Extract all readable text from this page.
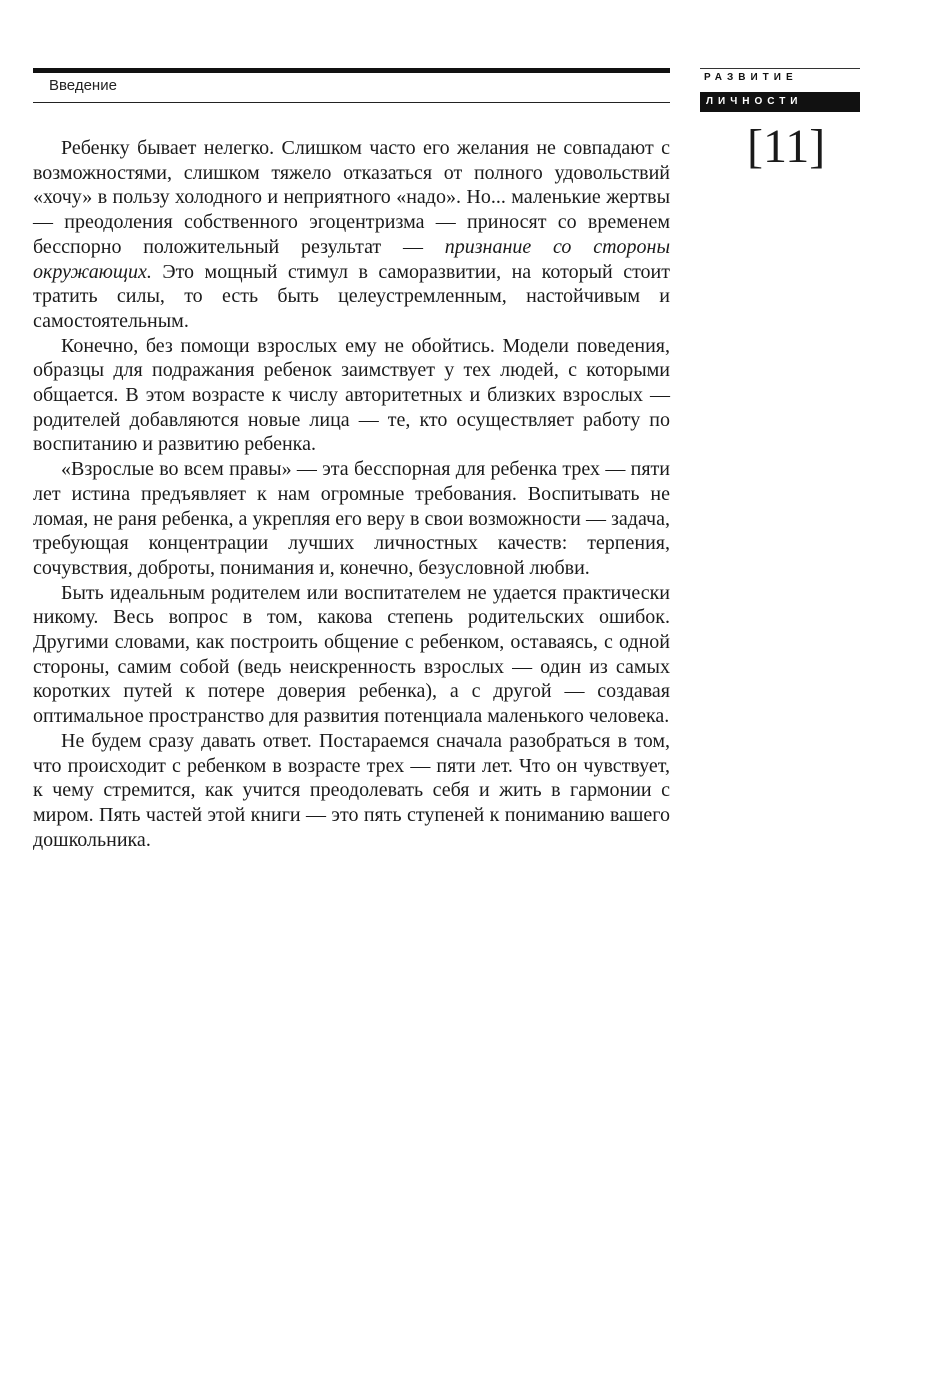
Введение	РАЗВИТИЕ
ЛИЧНОСТИ
[11]

Ребенку бывает нелегко. Слишком часто его желания не совпадают с возможностями, слишком тяжело отказаться от полного удовольствий «хочу» в пользу холодного и неприятного «надо». Но... маленькие жертвы — преодоления собственного эгоцентризма — приносят со временем бесспорно положительный результат — признание со стороны окружающих. Это мощный стимул в саморазвитии, на который стоит тратить силы, то есть быть целеустремленным, настойчивым и самостоятельным.

Конечно, без помощи взрослых ему не обойтись. Модели поведения, образцы для подражания ребенок заимствует у тех людей, с которыми общается. В этом возрасте к числу авторитетных и близких взрослых — родителей добавляются новые лица — те, кто осуществляет работу по воспитанию и развитию ребенка.

«Взрослые во всем правы» — эта бесспорная для ребенка трех — пяти лет истина предъявляет к нам огромные требования. Воспитывать не ломая, не раня ребенка, а укрепляя его веру в свои возможности — задача, требующая концентрации лучших личностных качеств: терпения, сочувствия, доброты, понимания и, конечно, безусловной любви.

Быть идеальным родителем или воспитателем не удается практически никому. Весь вопрос в том, какова степень родительских ошибок. Другими словами, как построить общение с ребенком, оставаясь, с одной стороны, самим собой (ведь неискренность взрослых — один из самых коротких путей к потере доверия ребенка), а с другой — создавая оптимальное пространство для развития потенциала маленького человека.

Не будем сразу давать ответ. Постараемся сначала разобраться в том, что происходит с ребенком в возрасте трех — пяти лет. Что он чувствует, к чему стремится, как учится преодолевать себя и жить в гармонии с миром. Пять частей этой книги — это пять ступеней к пониманию вашего дошкольника.
